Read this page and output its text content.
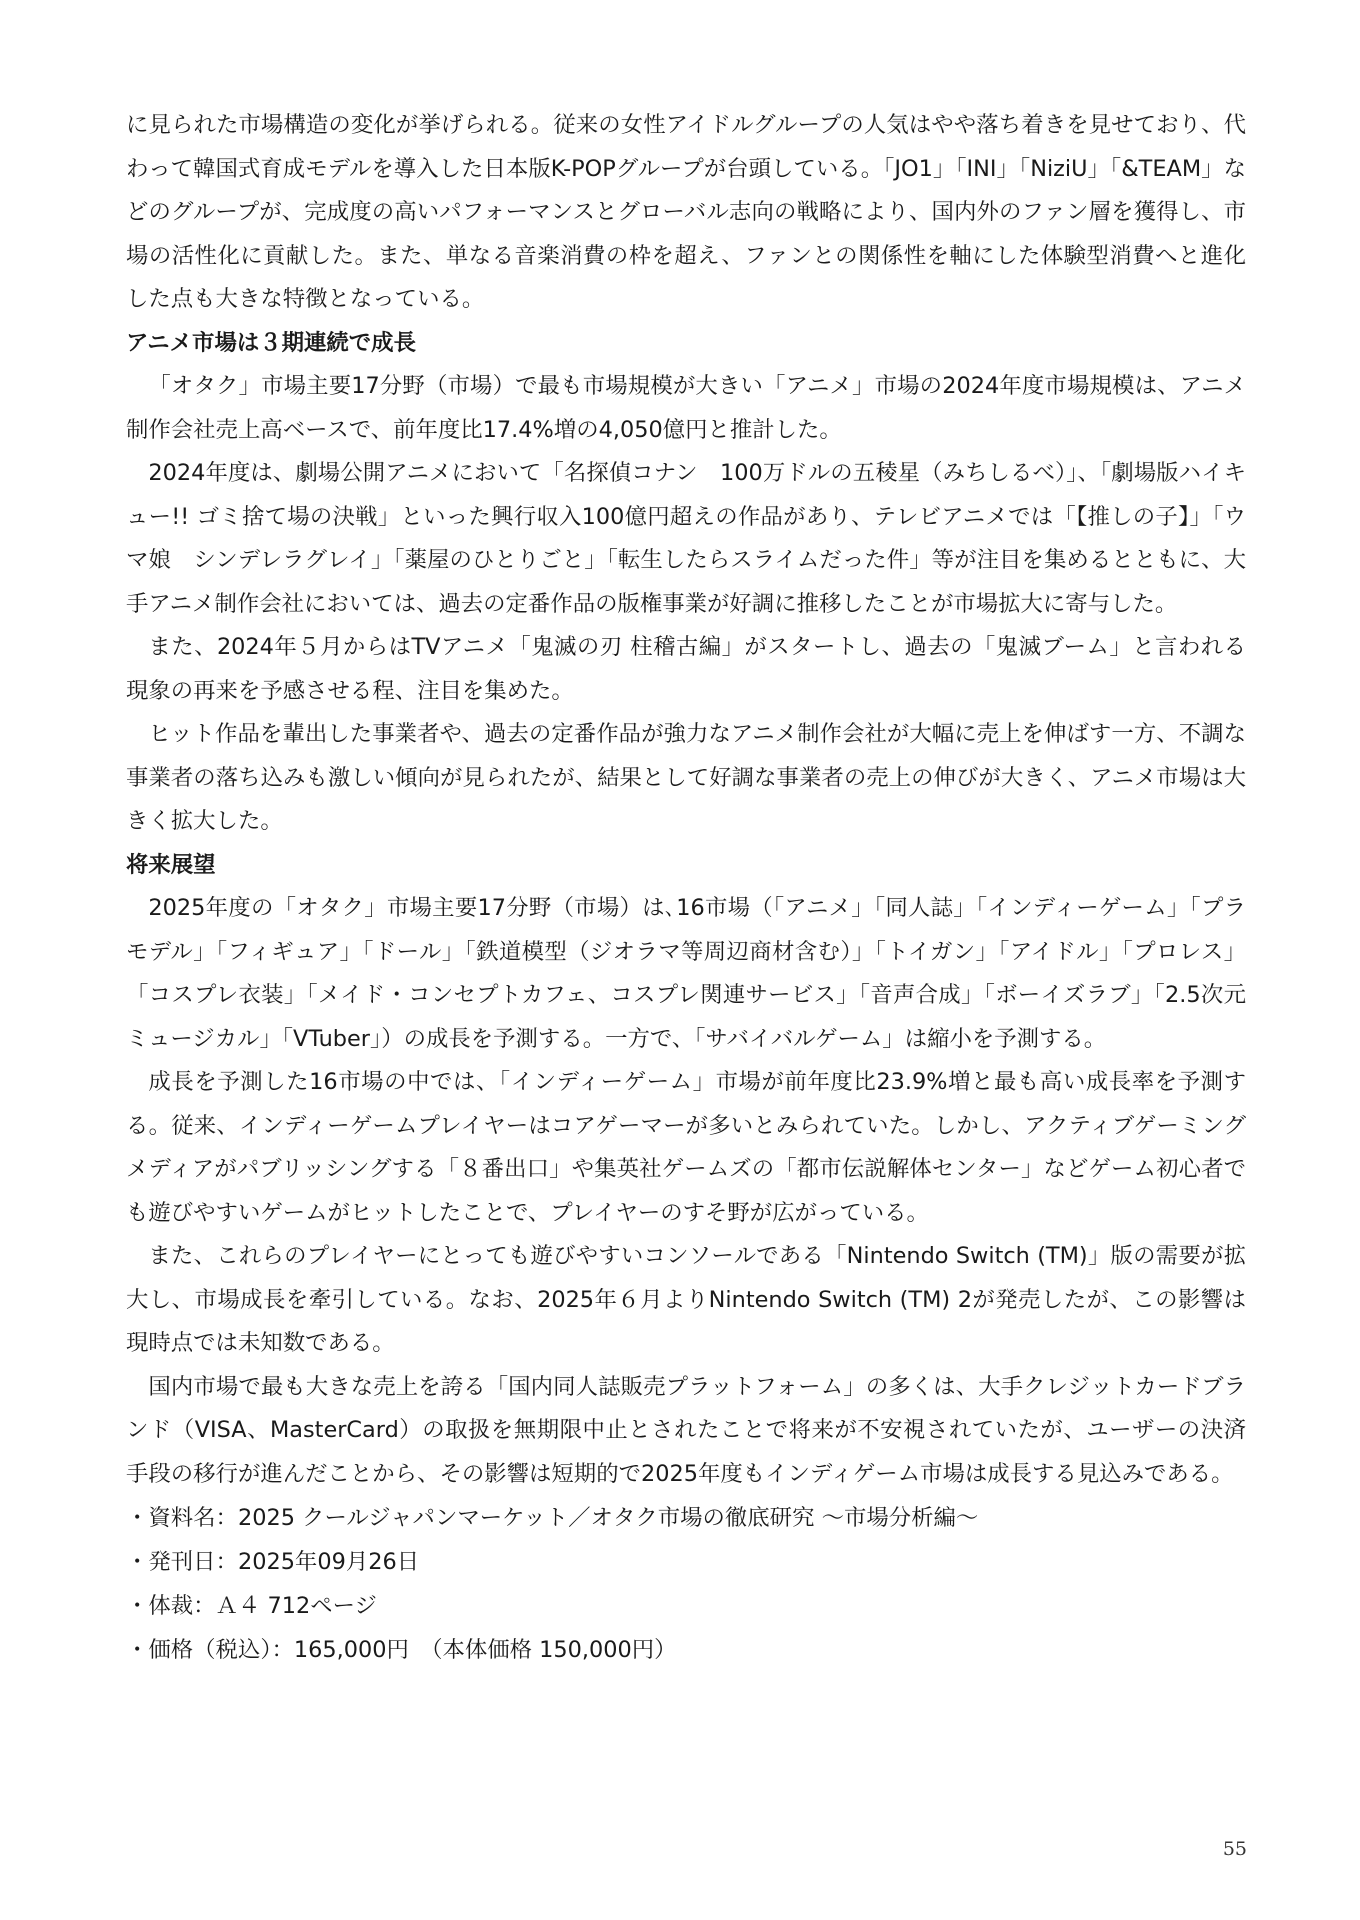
に見られた市場構造の変化が挙げられる。従来の女性アイドルグループの人気はやや落ち着きを見せており、代わって韓国式育成モデルを導入した日本版K-POPグループが台頭している。「JO1」「INI」「NiziU」「&TEAM」などのグループが、完成度の高いパフォーマンスとグローバル志向の戦略により、国内外のファン層を獲得し、市場の活性化に貢献した。また、単なる音楽消費の枠を超え、ファンとの関係性を軸にした体験型消費へと進化した点も大きな特徴となっている。

アニメ市場は３期連続で成長

「オタク」市場主要17分野（市場）で最も市場規模が大きい「アニメ」市場の2024年度市場規模は、アニメ制作会社売上高ベースで、前年度比17.4%増の4,050億円と推計した。

2024年度は、劇場公開アニメにおいて「名探偵コナン　100万ドルの五稜星（みちしるべ）」、「劇場版ハイキュー!! ゴミ捨て場の決戦」といった興行収入100億円超えの作品があり、テレビアニメでは「【推しの子】」「ウマ娘　シンデレラグレイ」「薬屋のひとりごと」「転生したらスライムだった件」等が注目を集めるとともに、大手アニメ制作会社においては、過去の定番作品の版権事業が好調に推移したことが市場拡大に寄与した。

また、2024年５月からはTVアニメ「鬼滅の刃 柱稽古編」がスタートし、過去の「鬼滅ブーム」と言われる現象の再来を予感させる程、注目を集めた。

ヒット作品を輩出した事業者や、過去の定番作品が強力なアニメ制作会社が大幅に売上を伸ばす一方、不調な事業者の落ち込みも激しい傾向が見られたが、結果として好調な事業者の売上の伸びが大きく、アニメ市場は大きく拡大した。

将来展望

2025年度の「オタク」市場主要17分野（市場）は､16市場（「アニメ」「同人誌」「インディーゲーム」「プラモデル」「フィギュア」「ドール」「鉄道模型（ジオラマ等周辺商材含む）」「トイガン」「アイドル」「プロレス」「コスプレ衣装」「メイド・コンセプトカフェ、コスプレ関連サービス」「音声合成」「ボーイズラブ」「2.5次元ミュージカル」「VTuber」）の成長を予測する。一方で、「サバイバルゲーム」は縮小を予測する。

成長を予測した16市場の中では、「インディーゲーム」市場が前年度比23.9%増と最も高い成長率を予測する。従来、インディーゲームプレイヤーはコアゲーマーが多いとみられていた。しかし、アクティブゲーミングメディアがパブリッシングする「８番出口」や集英社ゲームズの「都市伝説解体センター」などゲーム初心者でも遊びやすいゲームがヒットしたことで、プレイヤーのすそ野が広がっている。

また、これらのプレイヤーにとっても遊びやすいコンソールである「Nintendo Switch (TM)」版の需要が拡大し、市場成長を牽引している。なお、2025年６月よりNintendo Switch (TM) 2が発売したが、この影響は現時点では未知数である。

国内市場で最も大きな売上を誇る「国内同人誌販売プラットフォーム」の多くは、大手クレジットカードブランド（VISA、MasterCard）の取扱を無期限中止とされたことで将来が不安視されていたが、ユーザーの決済手段の移行が進んだことから、その影響は短期的で2025年度もインディゲーム市場は成長する見込みである。

・資料名：2025 クールジャパンマーケット／オタク市場の徹底研究 ～市場分析編～
・発刊日：2025年09月26日
・体裁：Ａ４ 712ページ
・価格（税込）：165,000円　（本体価格 150,000円）
55
